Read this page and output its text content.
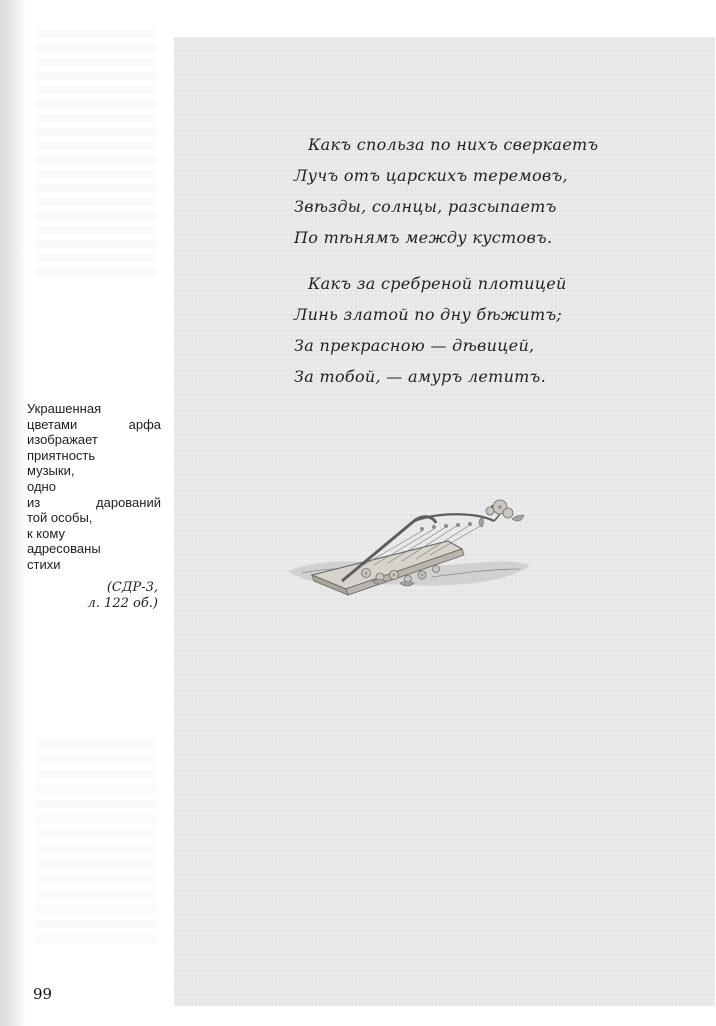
Украшенная
цветами арфа
изображает
приятность
музыки,
одно
из дарований
той особы,
к кому
адресованы
стихи
(СДР-3,
л. 122 об.)
99
Какъ спольза по нихъ сверкаетъ
Лучъ отъ царскихъ теремовъ,
Звѣзды, солнцы, разсыпаетъ
По тѣнямъ между кустовъ.
Какъ за сребреной плотицей
Линь златой по дну бѣжитъ;
За прекрасною — дѣвицей,
За тобой, — амуръ летитъ.
